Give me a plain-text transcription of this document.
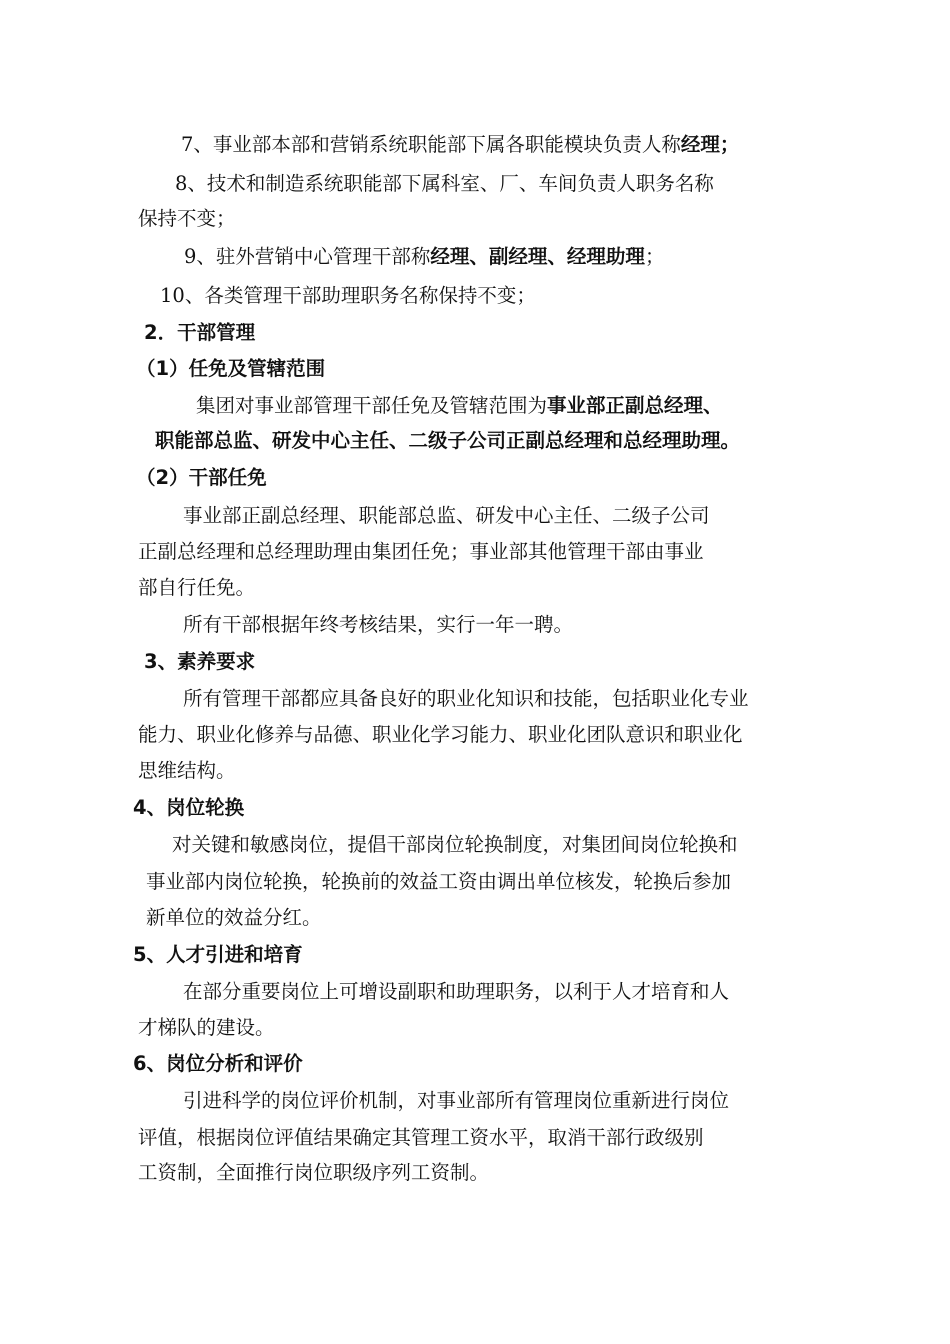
7、事业部本部和营销系统职能部下属各职能模块负责人称经理；
8、技术和制造系统职能部下属科室、厂、车间负责人职务名称
保持不变；
9、驻外营销中心管理干部称经理、副经理、经理助理；
10、各类管理干部助理职务名称保持不变；
2．干部管理
（1）任免及管辖范围
集团对事业部管理干部任免及管辖范围为事业部正副总经理、
职能部总监、研发中心主任、二级子公司正副总经理和总经理助理。
（2）干部任免
事业部正副总经理、职能部总监、研发中心主任、二级子公司
正副总经理和总经理助理由集团任免；事业部其他管理干部由事业
部自行任免。
所有干部根据年终考核结果，实行一年一聘。
3、素养要求
所有管理干部都应具备良好的职业化知识和技能，包括职业化专业
能力、职业化修养与品德、职业化学习能力、职业化团队意识和职业化
思维结构。
4、岗位轮换
对关键和敏感岗位，提倡干部岗位轮换制度，对集团间岗位轮换和
事业部内岗位轮换，轮换前的效益工资由调出单位核发，轮换后参加
新单位的效益分红。
5、人才引进和培育
在部分重要岗位上可增设副职和助理职务，以利于人才培育和人
才梯队的建设。
6、岗位分析和评价
引进科学的岗位评价机制，对事业部所有管理岗位重新进行岗位
评值，根据岗位评值结果确定其管理工资水平，取消干部行政级别
工资制，全面推行岗位职级序列工资制。
